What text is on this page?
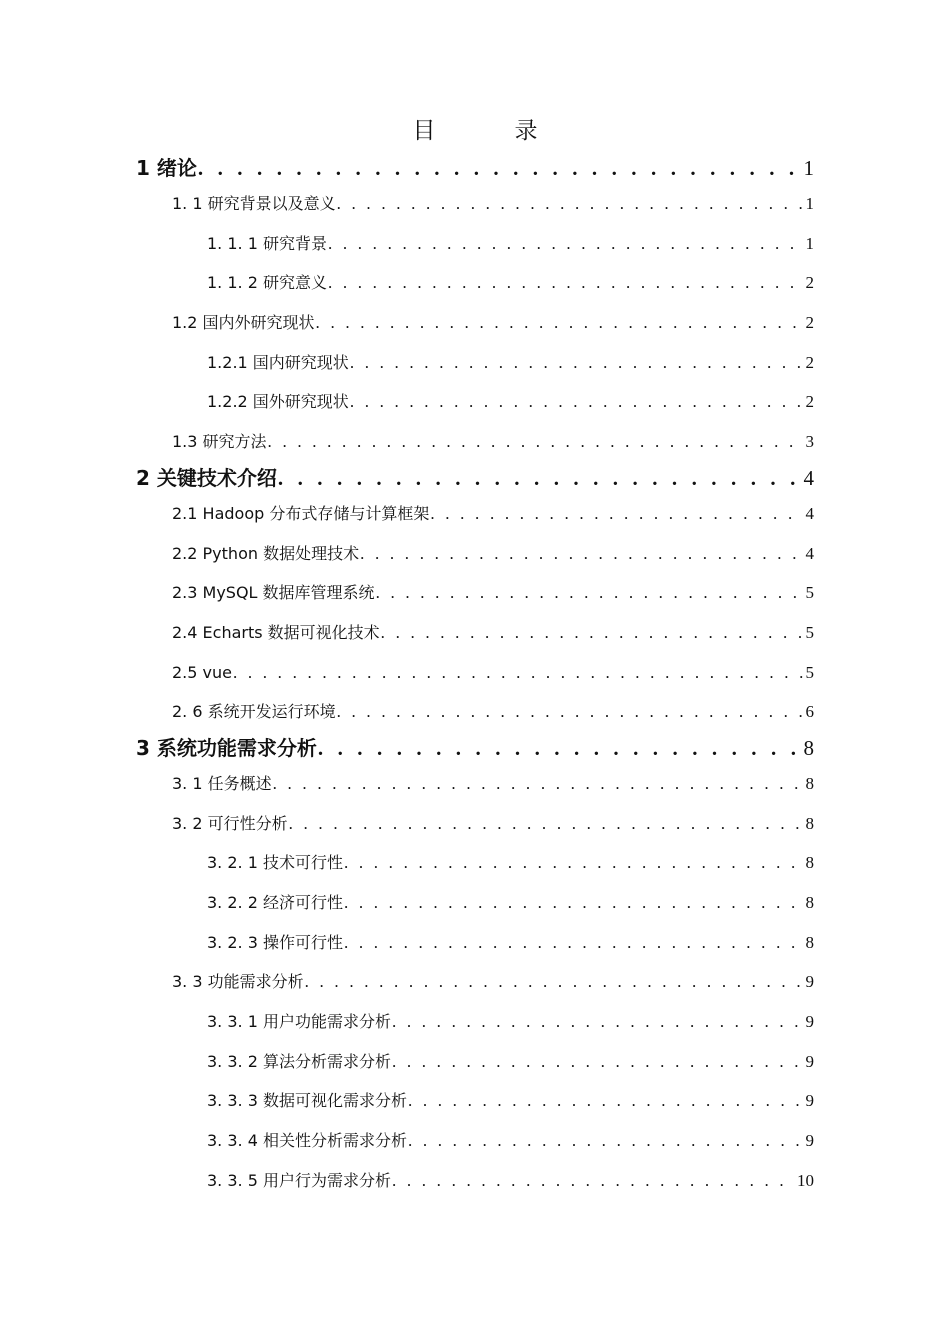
目　录
1 绪论 . . .	1
1. 1 研究背景以及意义 . . .	1
1. 1. 1 研究背景 . . .	1
1. 1. 2 研究意义 . . .	2
1.2 国内外研究现状 . . .	2
1.2.1 国内研究现状 . . .	2
1.2.2 国外研究现状 . . .	2
1.3 研究方法 . . .	3
2 关键技术介绍 . . .	4
2.1 Hadoop 分布式存储与计算框架 . . .	4
2.2 Python 数据处理技术 . . .	4
2.3 MySQL 数据库管理系统 . . .	5
2.4 Echarts 数据可视化技术 . . .	5
2.5 vue . . .	5
2. 6 系统开发运行环境 . . .	6
3 系统功能需求分析 . . .	8
3. 1 任务概述 . . .	8
3. 2 可行性分析 . . .	8
3. 2. 1 技术可行性 . . .	8
3. 2. 2 经济可行性 . . .	8
3. 2. 3 操作可行性 . . .	8
3. 3 功能需求分析 . . .	9
3. 3. 1 用户功能需求分析 . . .	9
3. 3. 2 算法分析需求分析 . . .	9
3. 3. 3 数据可视化需求分析 . . .	9
3. 3. 4 相关性分析需求分析 . . .	9
3. 3. 5 用户行为需求分析 . . .	10
